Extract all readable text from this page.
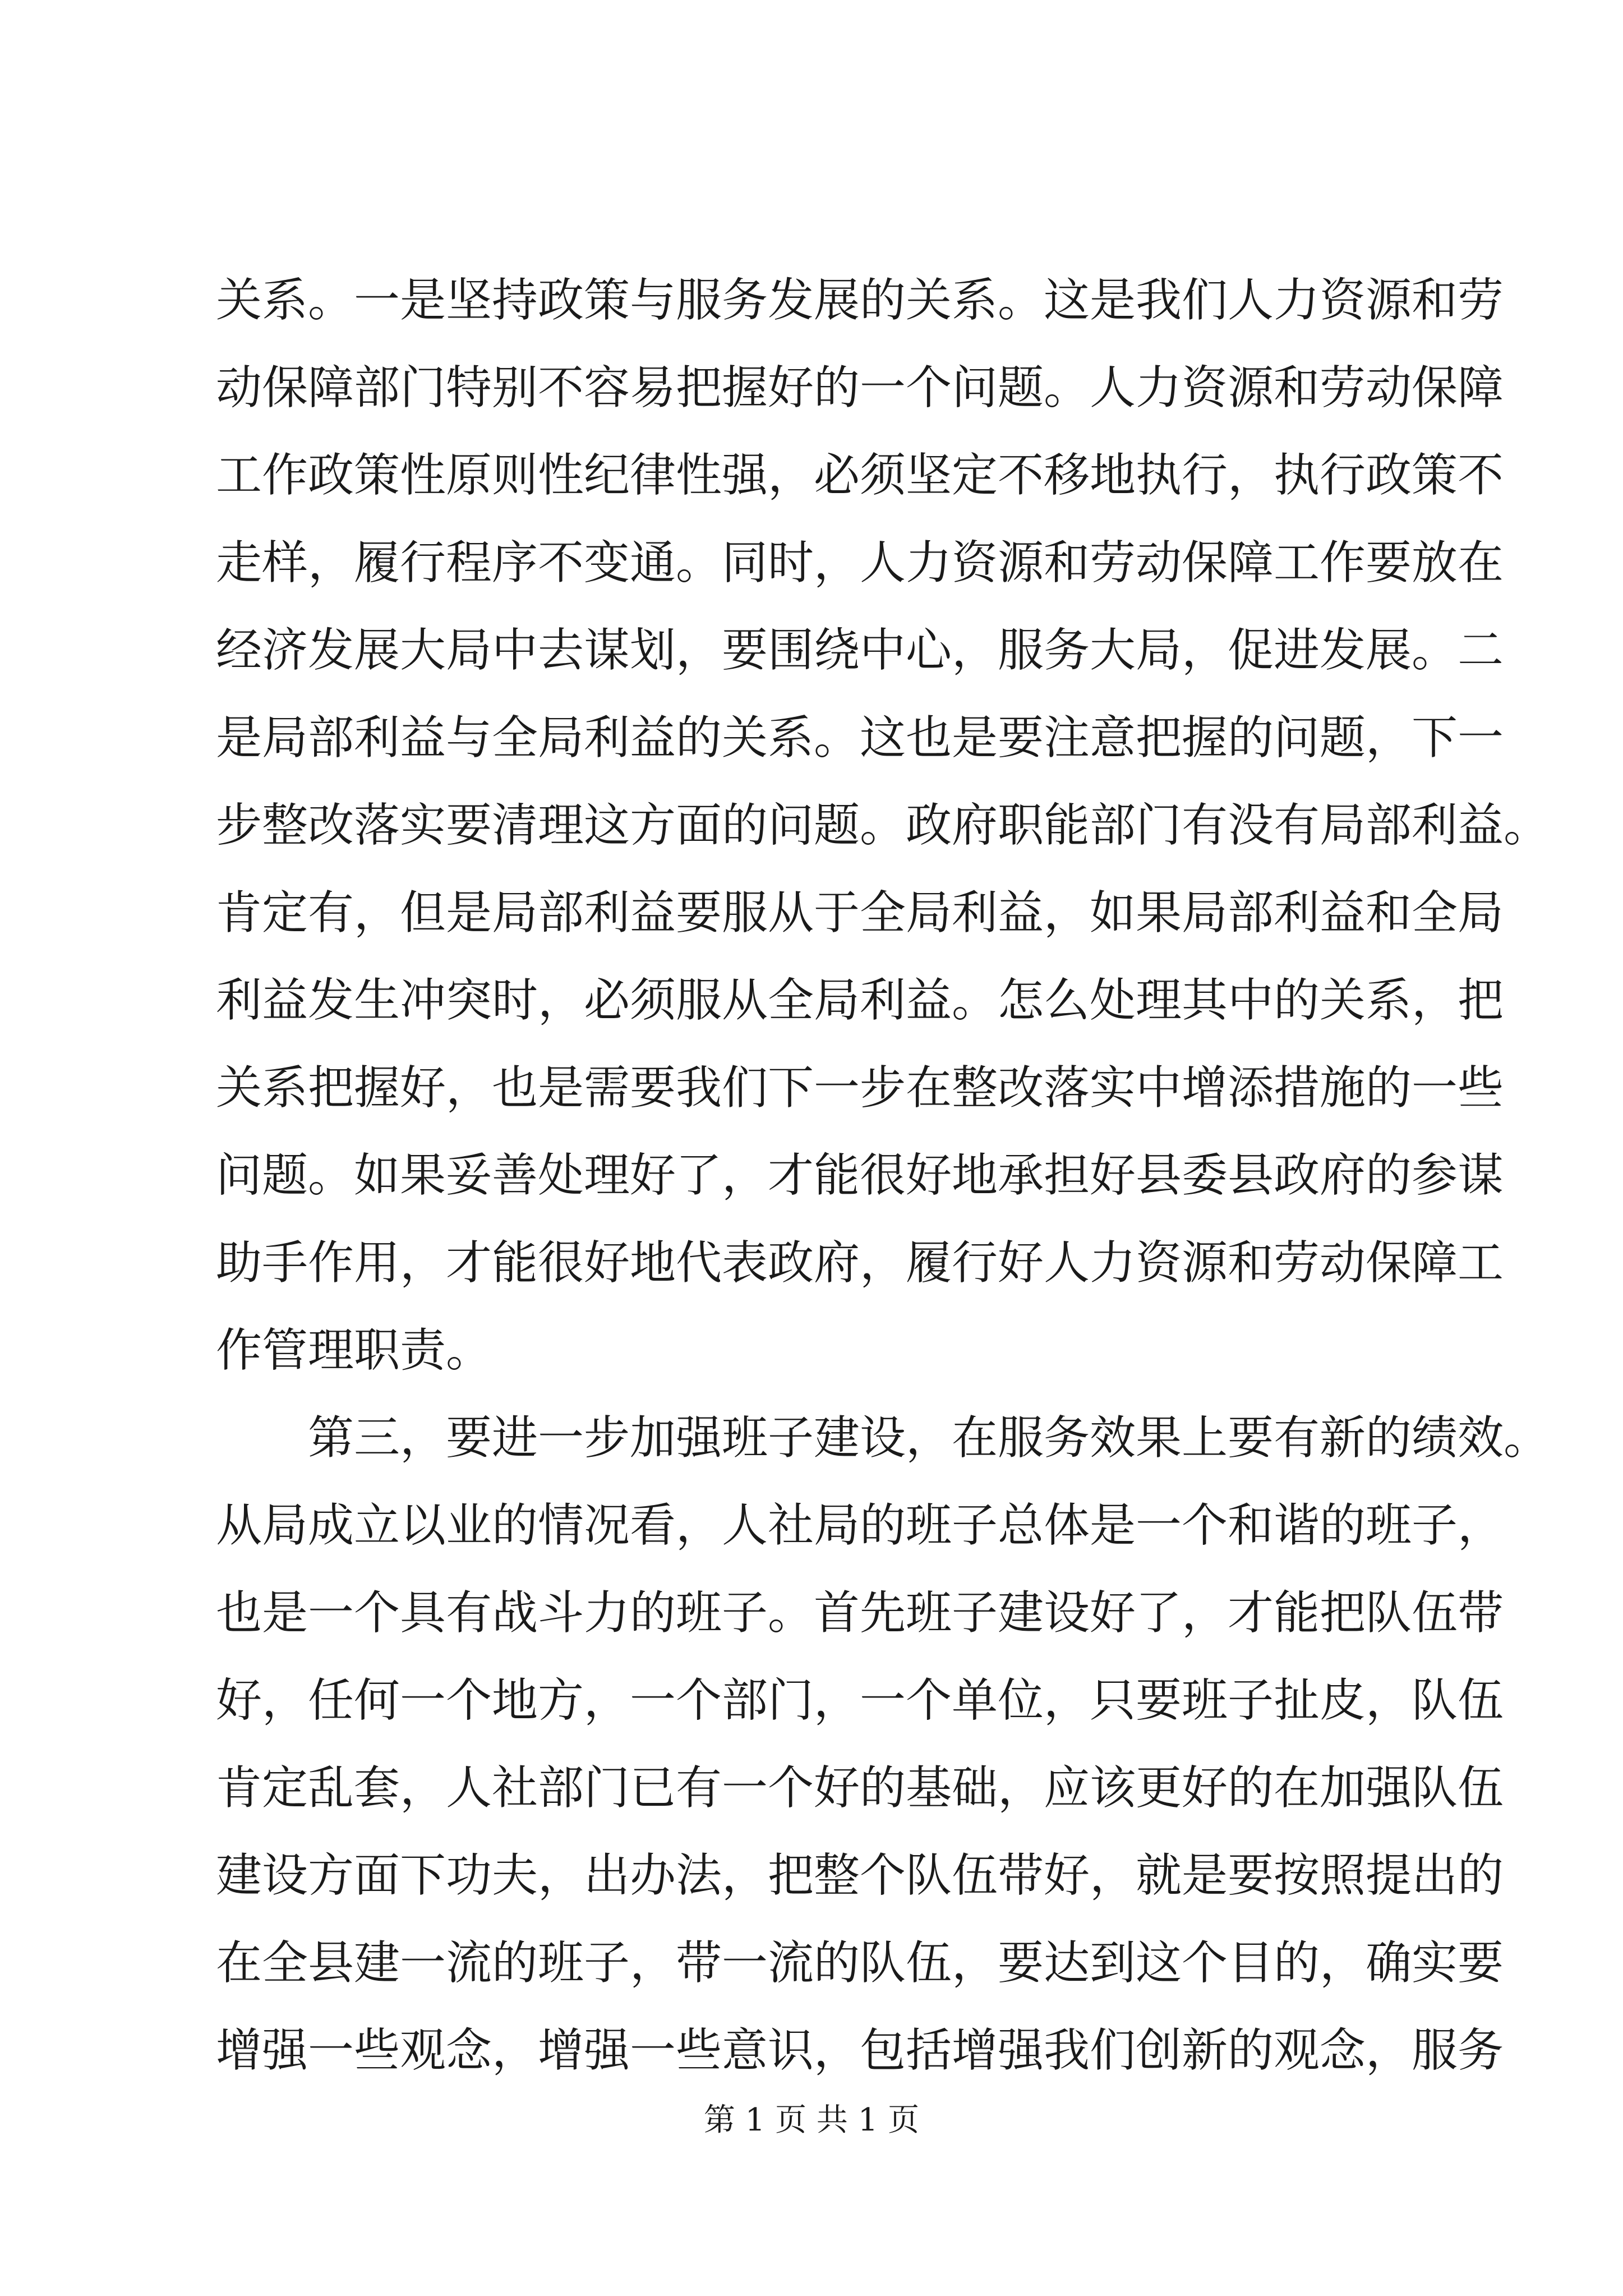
关系。一是坚持政策与服务发展的关系。这是我们人力资源和劳
动保障部门特别不容易把握好的一个问题。人力资源和劳动保障
工作政策性原则性纪律性强，必须坚定不移地执行，执行政策不
走样，履行程序不变通。同时，人力资源和劳动保障工作要放在
经济发展大局中去谋划，要围绕中心，服务大局，促进发展。二
是局部利益与全局利益的关系。这也是要注意把握的问题，下一
步整改落实要清理这方面的问题。政府职能部门有没有局部利益。
肯定有，但是局部利益要服从于全局利益，如果局部利益和全局
利益发生冲突时，必须服从全局利益。怎么处理其中的关系，把
关系把握好，也是需要我们下一步在整改落实中增添措施的一些
问题。如果妥善处理好了，才能很好地承担好县委县政府的参谋
助手作用，才能很好地代表政府，履行好人力资源和劳动保障工
作管理职责。
第三，要进一步加强班子建设，在服务效果上要有新的绩效。
从局成立以业的情况看，人社局的班子总体是一个和谐的班子，
也是一个具有战斗力的班子。首先班子建设好了，才能把队伍带
好，任何一个地方，一个部门，一个单位，只要班子扯皮，队伍
肯定乱套，人社部门已有一个好的基础，应该更好的在加强队伍
建设方面下功夫，出办法，把整个队伍带好，就是要按照提出的
在全县建一流的班子，带一流的队伍，要达到这个目的，确实要
增强一些观念，增强一些意识，包括增强我们创新的观念，服务
第 1 页 共 1 页
